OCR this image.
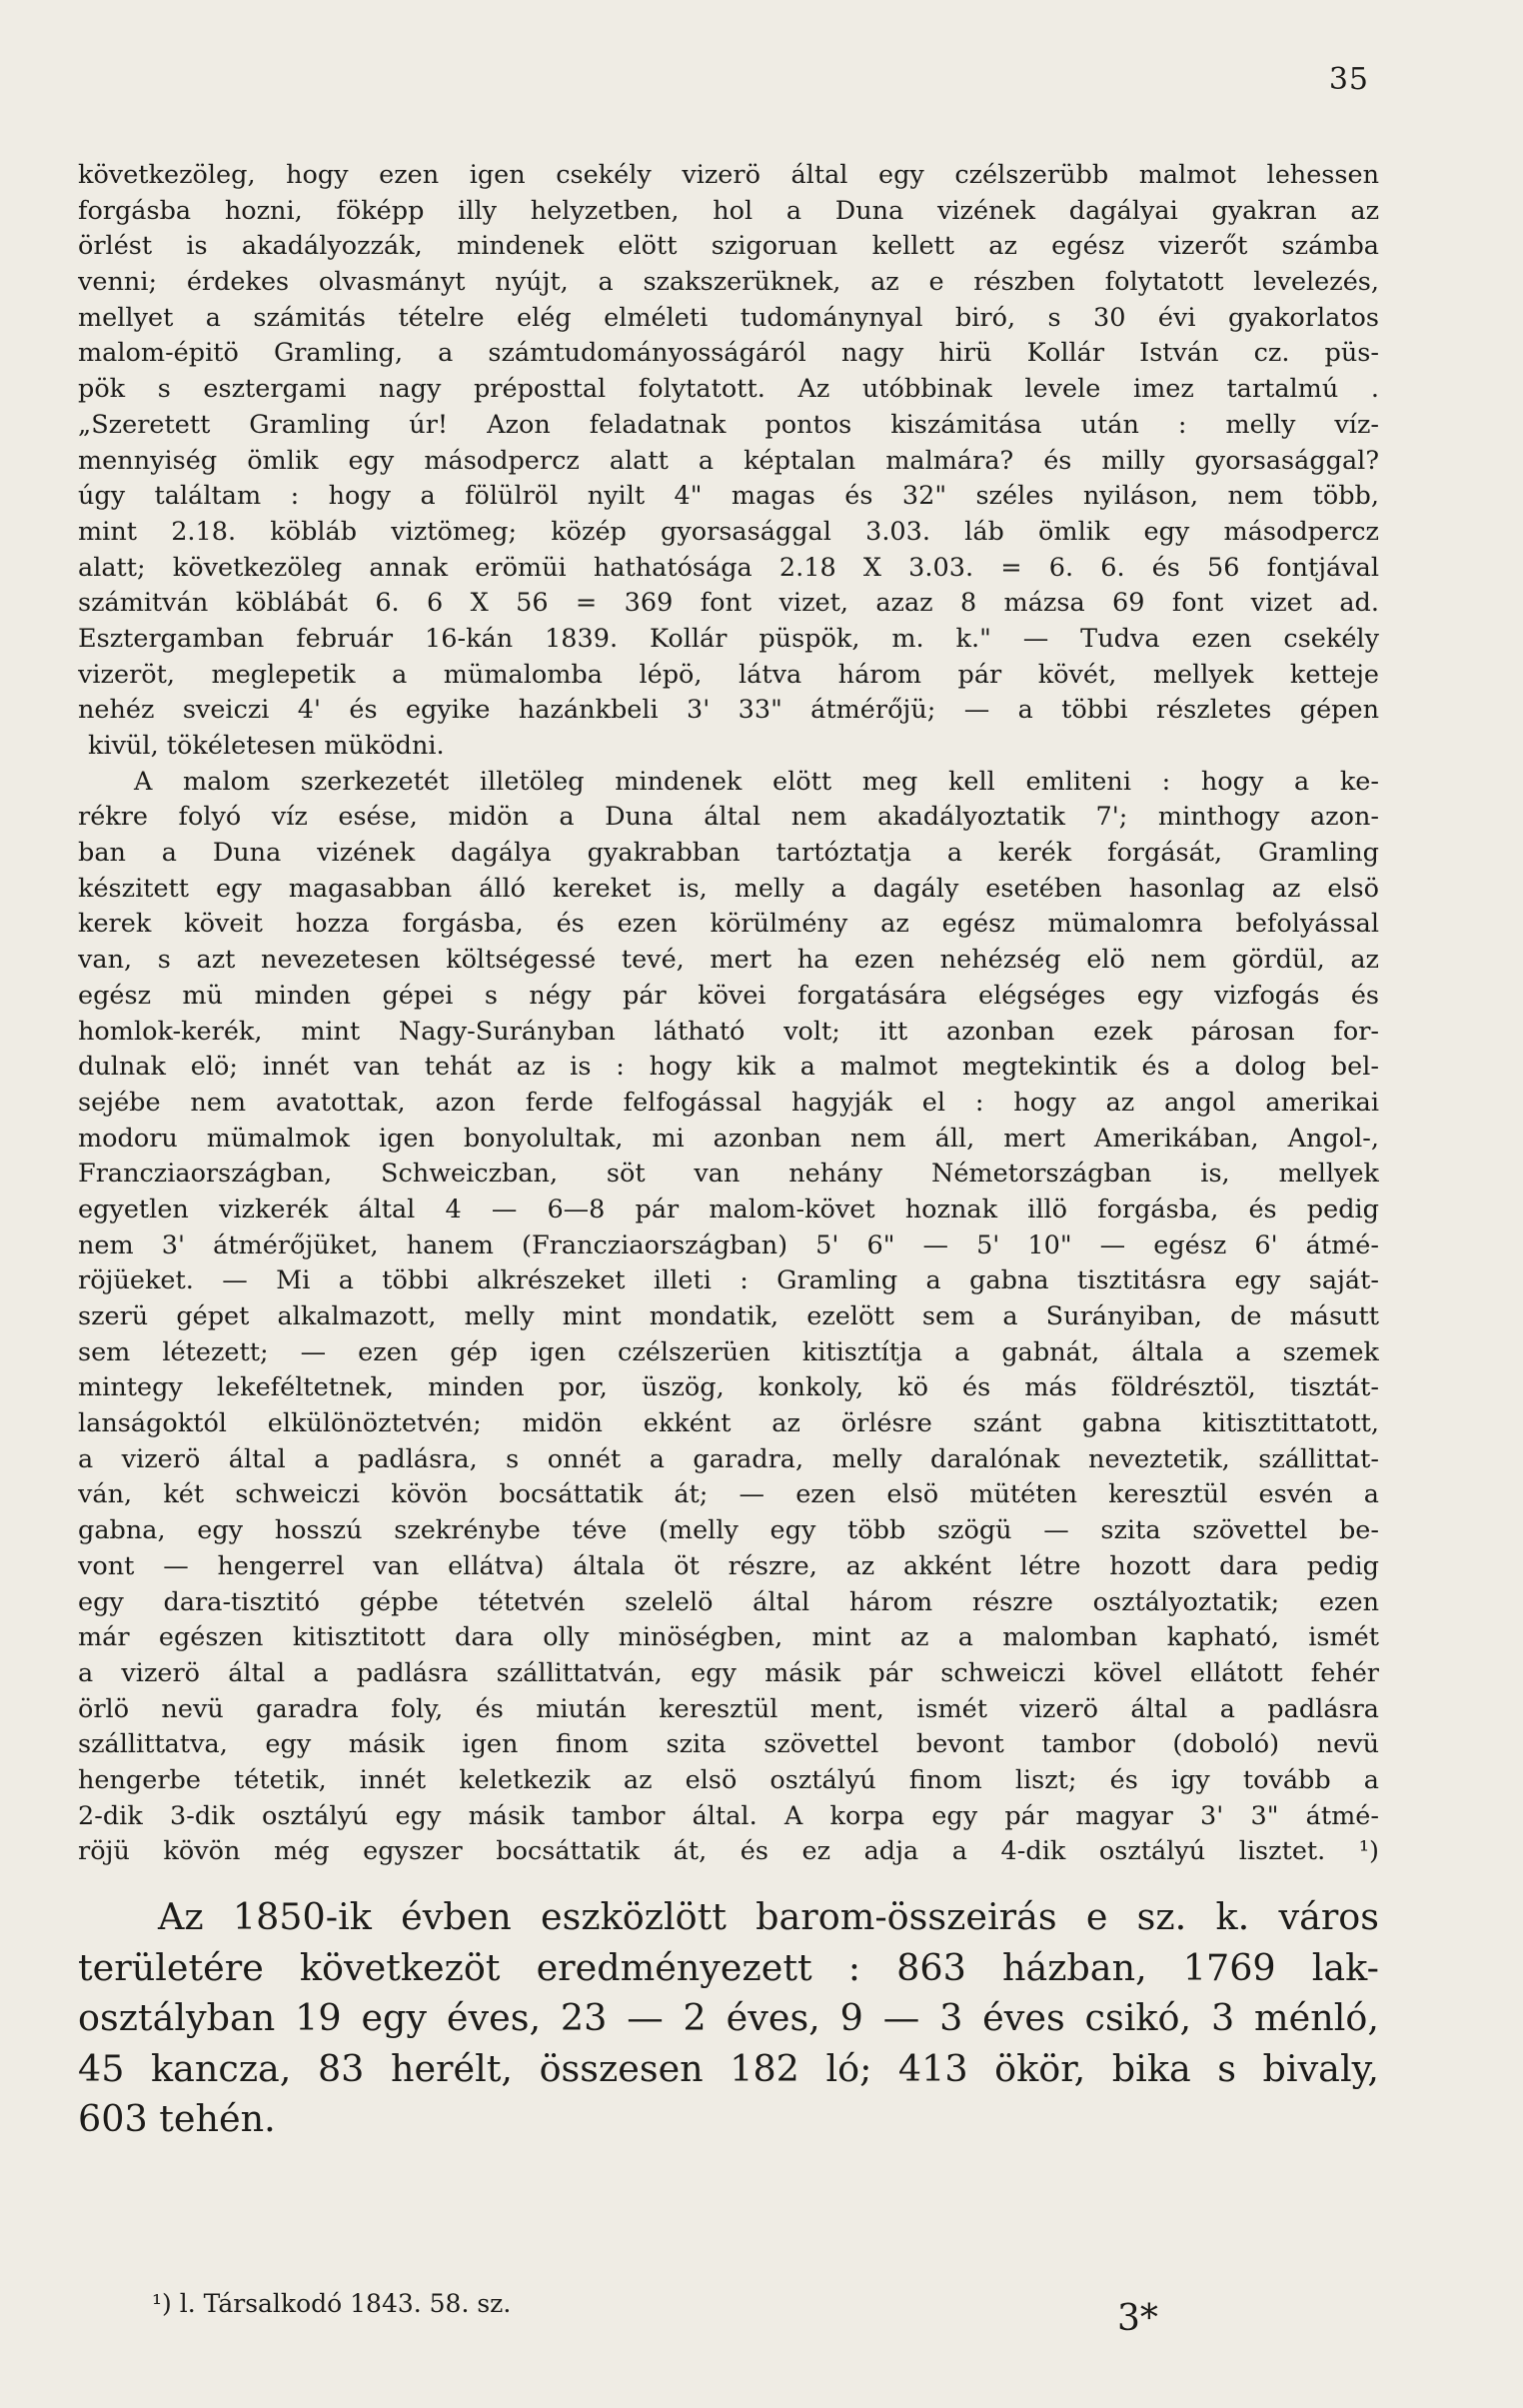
35
következöleg, hogy ezen igen csekély vizerö által egy czélszerübb malmot lehessen
forgásba hozni, föképp illy helyzetben, hol a Duna vizének dagályai gyakran az
örlést is akadályozzák, mindenek elött szigoruan kellett az egész vizerőt számba
venni; érdekes olvasmányt nyújt, a szakszerüknek, az e részben folytatott levelezés,
mellyet a számitás tételre elég elméleti tudománynyal biró, s 30 évi gyakorlatos
malom-épitö Gramling, a számtudományosságáról nagy hirü Kollár István cz. püs-
pök s esztergami nagy préposttal folytatott. Az utóbbinak levele imez tartalmú .
„Szeretett Gramling úr! Azon feladatnak pontos kiszámitása után : melly víz-
mennyiség ömlik egy másodpercz alatt a képtalan malmára? és milly gyorsasággal?
úgy találtam : hogy a fölülröl nyilt 4" magas és 32" széles nyiláson, nem több,
mint 2.18. köbláb viztömeg; közép gyorsasággal 3.03. láb ömlik egy másodpercz
alatt; következöleg annak erömüi hathatósága 2.18 X 3.03. = 6. 6. és 56 fontjával
számitván köblábát 6. 6 X 56 = 369 font vizet, azaz 8 mázsa 69 font vizet ad.
Esztergamban február 16-kán 1839. Kollár püspök, m. k." — Tudva ezen csekély
vizeröt, meglepetik a mümalomba lépö, látva három pár kövét, mellyek ketteje
nehéz sveiczi 4' és egyike hazánkbeli 3' 33" átmérőjü; — a többi részletes gépen
kivül, tökéletesen müködni.
A malom szerkezetét illetöleg mindenek elött meg kell emliteni : hogy a ke-
rékre folyó víz esése, midön a Duna által nem akadályoztatik 7'; minthogy azon-
ban a Duna vizének dagálya gyakrabban tartóztatja a kerék forgását, Gramling
készitett egy magasabban álló kereket is, melly a dagály esetében hasonlag az elsö
kerek köveit hozza forgásba, és ezen körülmény az egész mümalomra befolyással
van, s azt nevezetesen költségessé tevé, mert ha ezen nehézség elö nem gördül, az
egész mü minden gépei s négy pár kövei forgatására elégséges egy vizfogás és
homlok-kerék, mint Nagy-Surányban látható volt; itt azonban ezek párosan for-
dulnak elö; innét van tehát az is : hogy kik a malmot megtekintik és a dolog bel-
sejébe nem avatottak, azon ferde felfogással hagyják el : hogy az angol amerikai
modoru mümalmok igen bonyolultak, mi azonban nem áll, mert Amerikában, Angol-,
Francziaországban, Schweiczban, söt van nehány Németországban is, mellyek
egyetlen vizkerék által 4 — 6—8 pár malom-követ hoznak illö forgásba, és pedig
nem 3' átmérőjüket, hanem (Francziaországban) 5' 6" — 5' 10" — egész 6' átmé-
röjüeket. — Mi a többi alkrészeket illeti : Gramling a gabna tisztitásra egy saját-
szerü gépet alkalmazott, melly mint mondatik, ezelött sem a Surányiban, de másutt
sem létezett; — ezen gép igen czélszerüen kitisztítja a gabnát, általa a szemek
mintegy lekeféltetnek, minden por, üszög, konkoly, kö és más földrésztöl, tisztát-
lanságoktól elkülönöztetvén; midön ekként az örlésre szánt gabna kitisztittatott,
a vizerö által a padlásra, s onnét a garadra, melly daralónak neveztetik, szállittat-
ván, két schweiczi kövön bocsáttatik át; — ezen elsö mütéten keresztül esvén a
gabna, egy hosszú szekrénybe téve (melly egy több szögü — szita szövettel be-
vont — hengerrel van ellátva) általa öt részre, az akként létre hozott dara pedig
egy dara-tisztitó gépbe tétetvén szelelö által három részre osztályoztatik; ezen
már egészen kitisztitott dara olly minöségben, mint az a malomban kapható, ismét
a vizerö által a padlásra szállittatván, egy másik pár schweiczi kövel ellátott fehér
örlö nevü garadra foly, és miután keresztül ment, ismét vizerö által a padlásra
szállittatva, egy másik igen finom szita szövettel bevont tambor (doboló) nevü
hengerbe tétetik, innét keletkezik az elsö osztályú finom liszt; és igy tovább a
2-dik 3-dik osztályú egy másik tambor által. A korpa egy pár magyar 3' 3" átmé-
röjü kövön még egyszer bocsáttatik át, és ez adja a 4-dik osztályú lisztet. ¹)
Az 1850-ik évben eszközlött barom-összeirás e sz. k. város
területére következöt eredményezett : 863 házban, 1769 lak-
osztályban 19 egy éves, 23 — 2 éves, 9 — 3 éves csikó, 3 ménló,
45 kancza, 83 herélt, összesen 182 ló; 413 ökör, bika s bivaly,
603 tehén.
¹) l. Társalkodó 1843. 58. sz.	3*
